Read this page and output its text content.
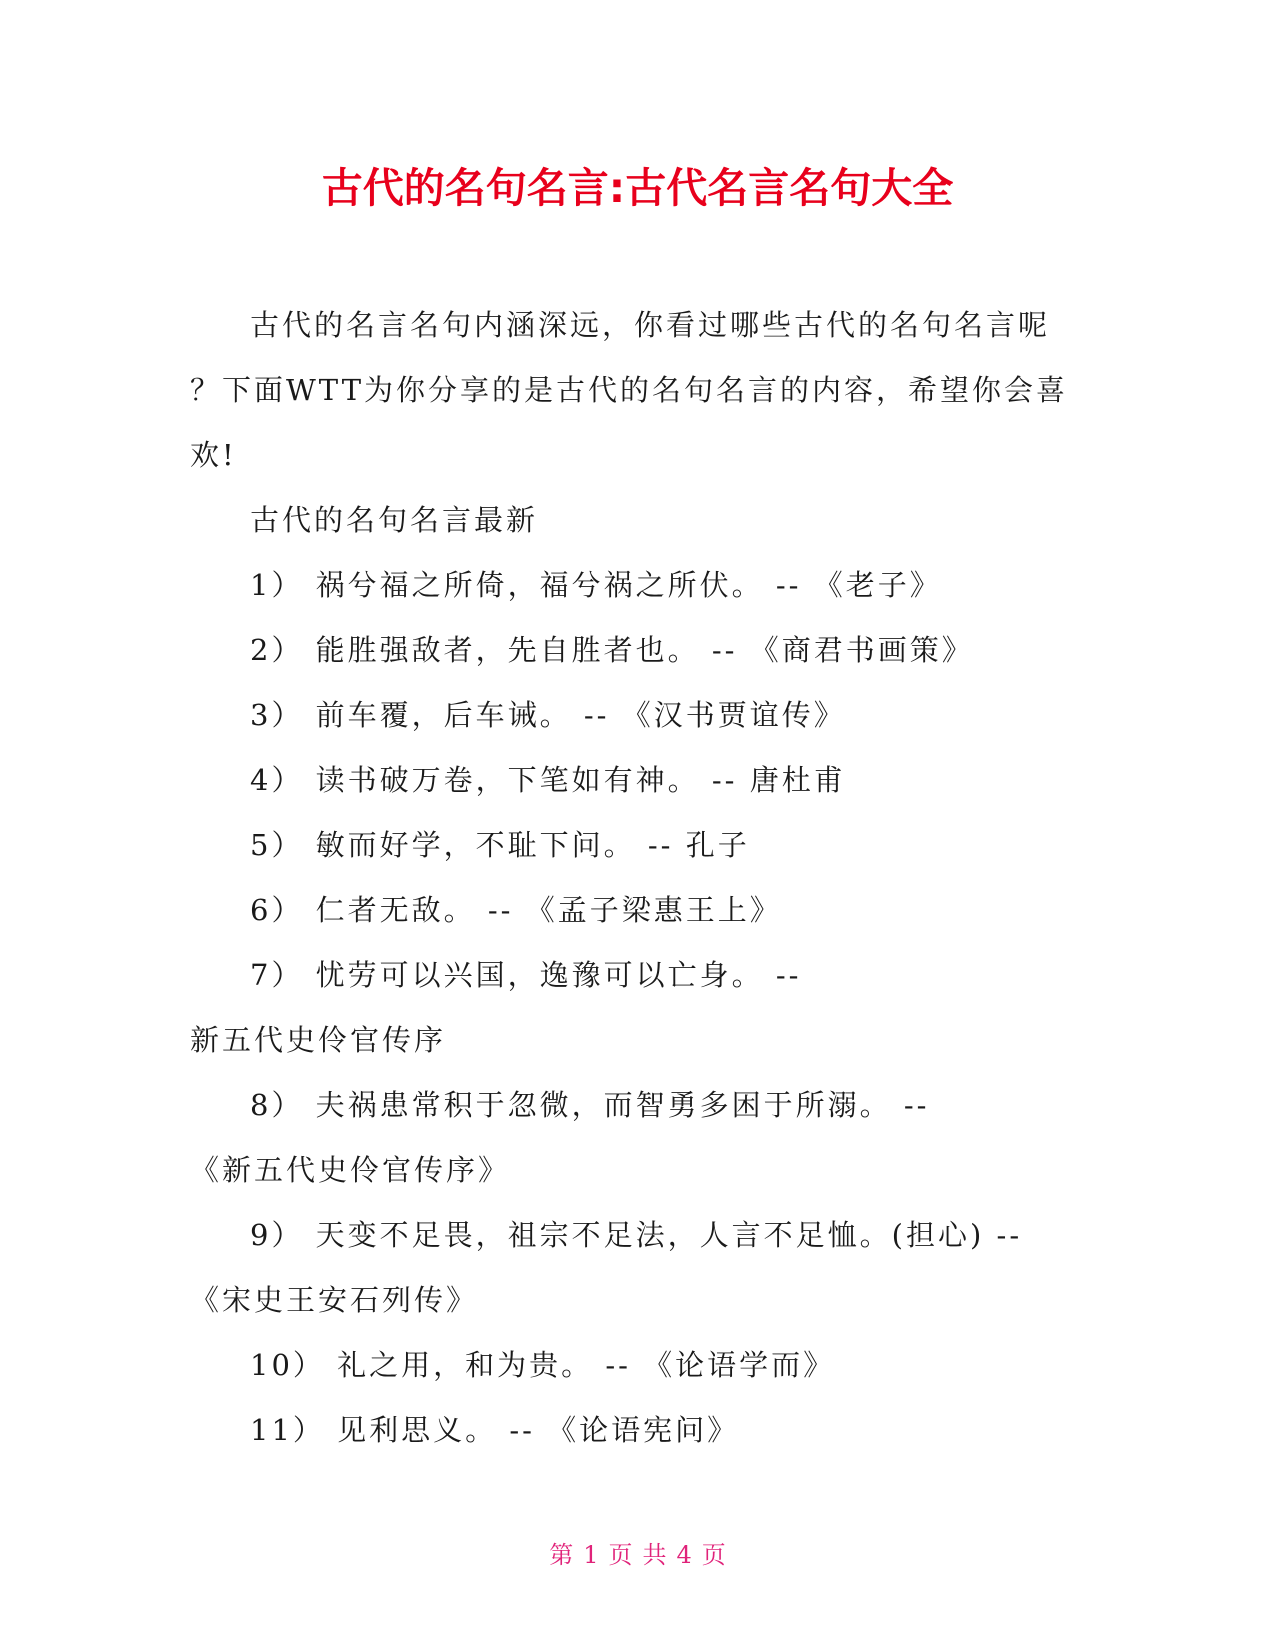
古代的名句名言:古代名言名句大全

古代的名言名句内涵深远，你看过哪些古代的名句名言呢

？下面WTT为你分享的是古代的名句名言的内容，希望你会喜

欢!

古代的名句名言最新

1） 祸兮福之所倚，福兮祸之所伏。 -- 《老子》

2） 能胜强敌者，先自胜者也。 -- 《商君书画策》

3） 前车覆，后车诫。 -- 《汉书贾谊传》

4） 读书破万卷，下笔如有神。 -- 唐杜甫

5） 敏而好学，不耻下问。 -- 孔子

6） 仁者无敌。 -- 《孟子梁惠王上》

7） 忧劳可以兴国，逸豫可以亡身。 --

新五代史伶官传序

8） 夫祸患常积于忽微，而智勇多困于所溺。 --

《新五代史伶官传序》

9） 天变不足畏，祖宗不足法，人言不足恤。(担心) --

《宋史王安石列传》

10） 礼之用，和为贵。 -- 《论语学而》

11） 见利思义。 -- 《论语宪问》

第 1 页 共 4 页
